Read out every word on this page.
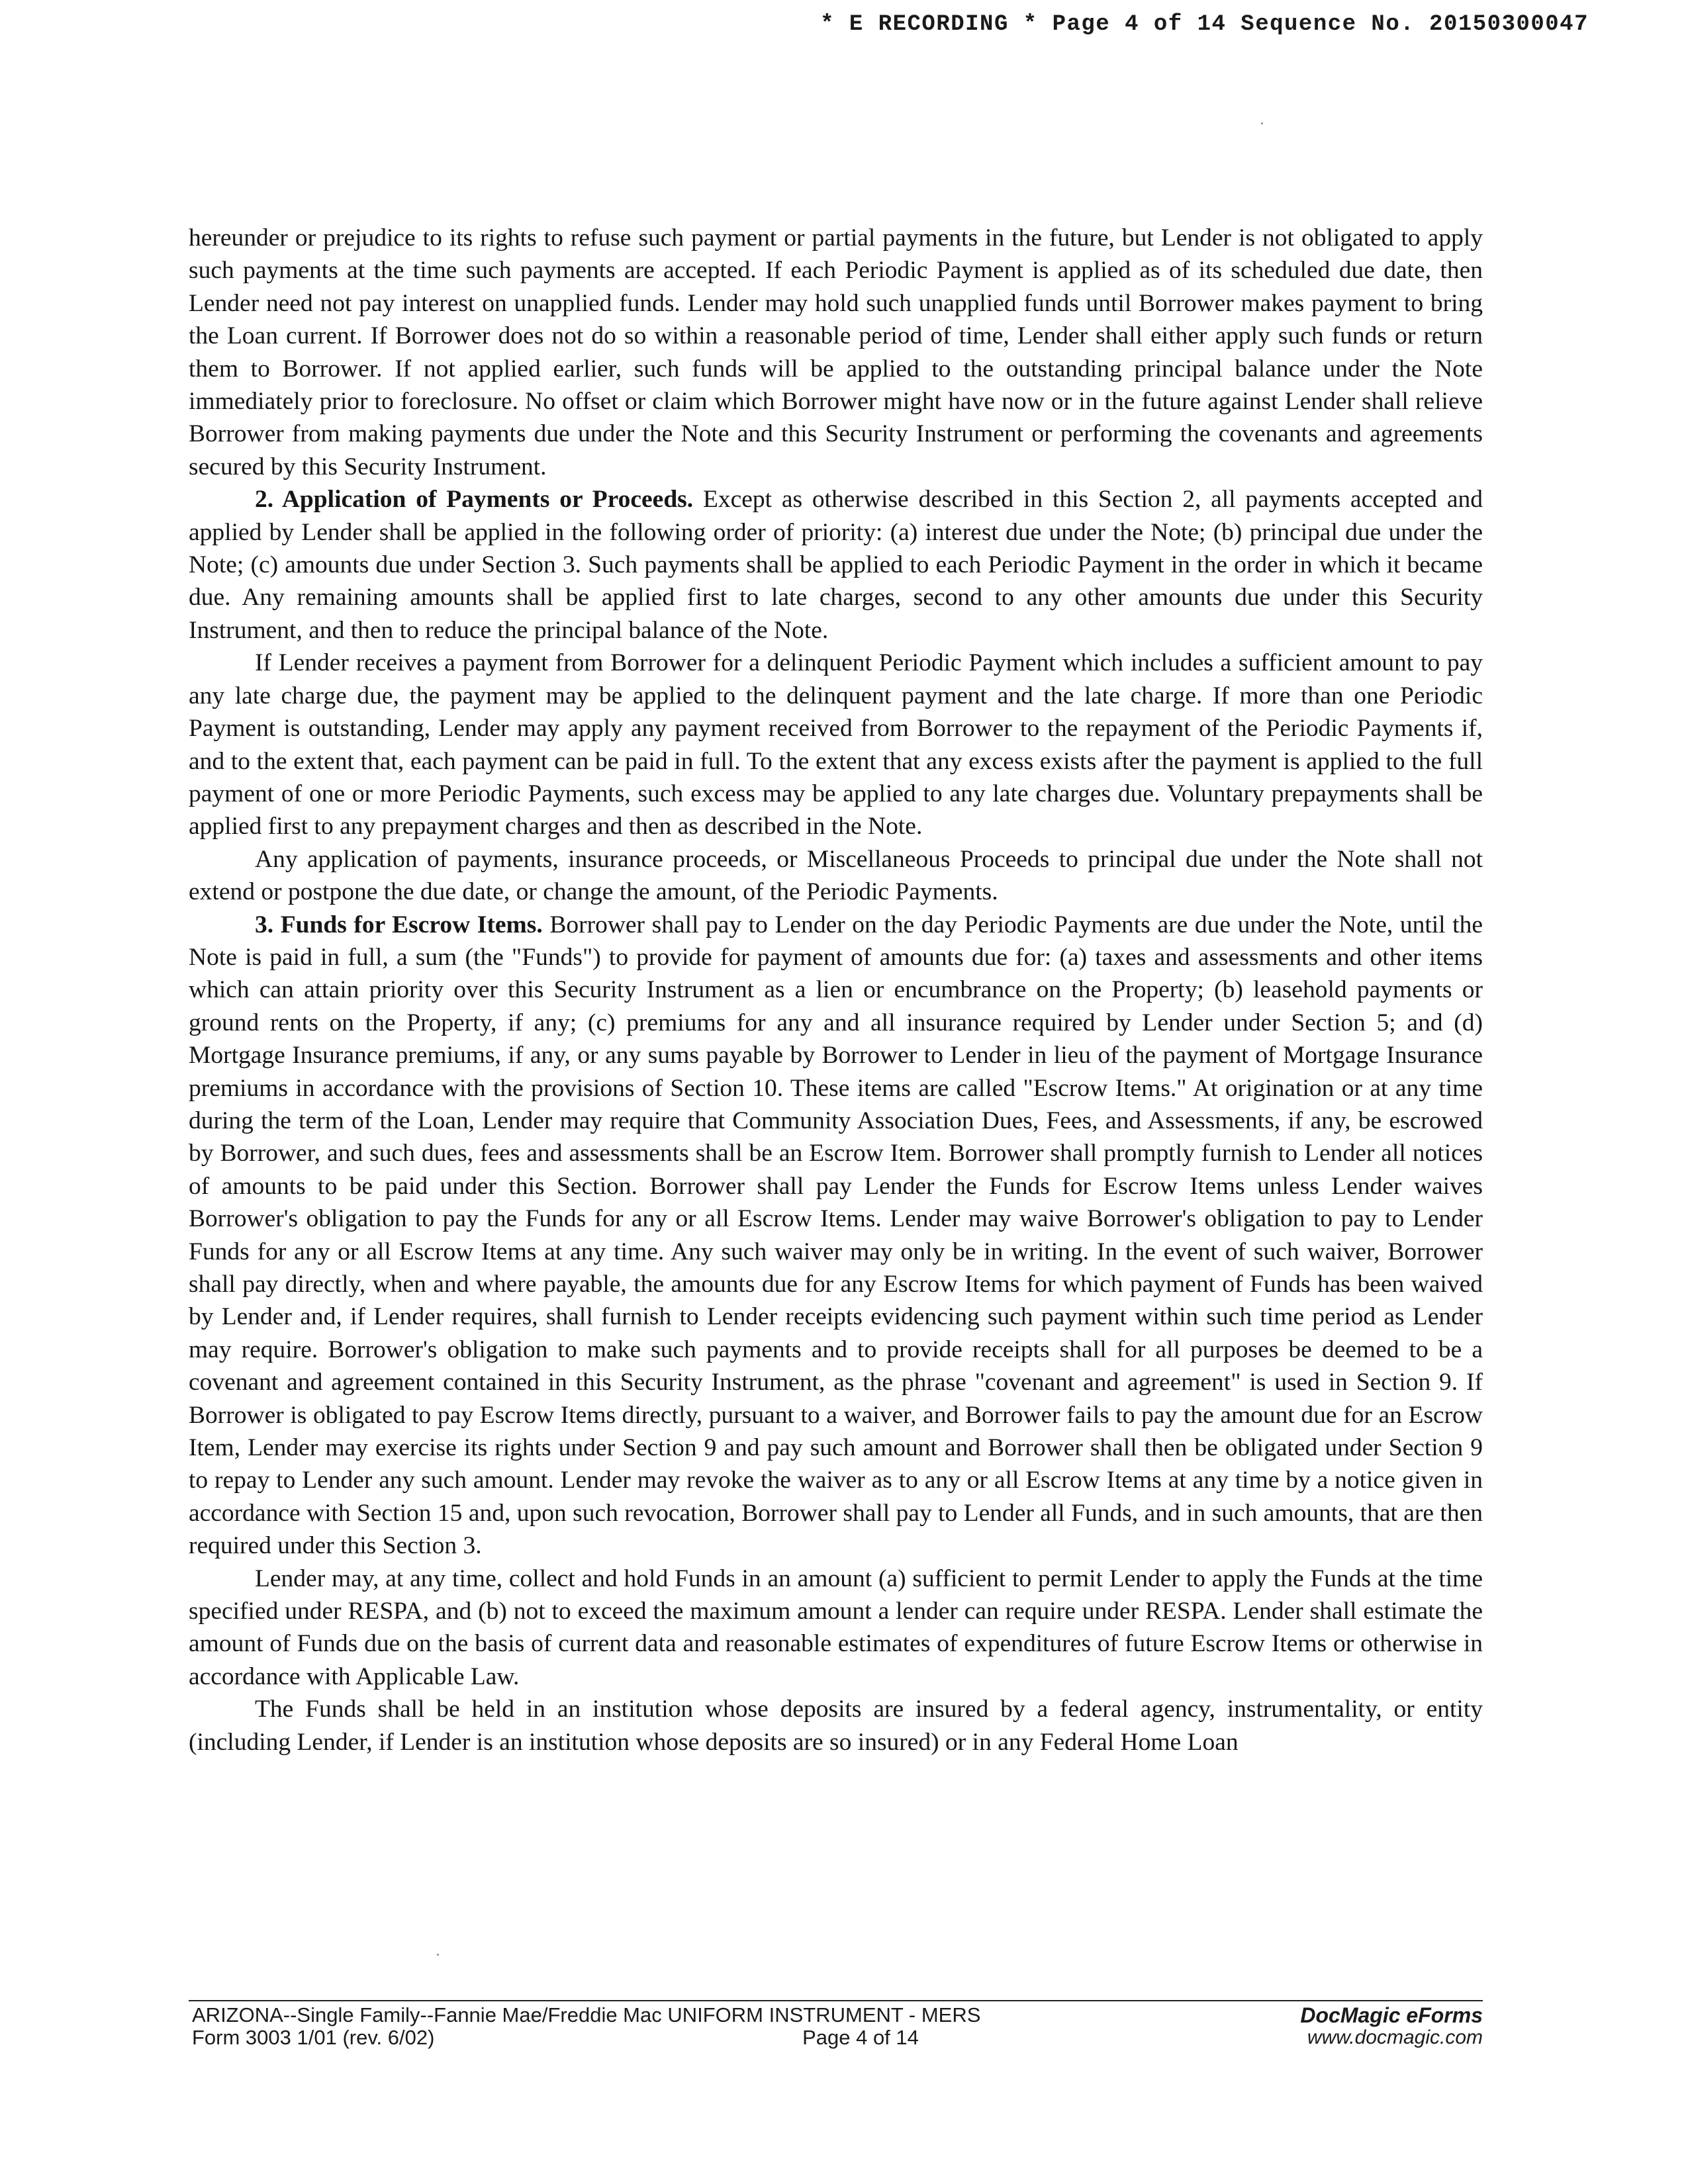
* E RECORDING * Page 4 of 14 Sequence No. 20150300047

hereunder or prejudice to its rights to refuse such payment or partial payments in the future, but Lender is not obligated to apply such payments at the time such payments are accepted. If each Periodic Payment is applied as of its scheduled due date, then Lender need not pay interest on unapplied funds. Lender may hold such unapplied funds until Borrower makes payment to bring the Loan current. If Borrower does not do so within a reasonable period of time, Lender shall either apply such funds or return them to Borrower. If not applied earlier, such funds will be applied to the outstanding principal balance under the Note immediately prior to foreclosure. No offset or claim which Borrower might have now or in the future against Lender shall relieve Borrower from making payments due under the Note and this Security Instrument or performing the covenants and agreements secured by this Security Instrument.

2. Application of Payments or Proceeds. Except as otherwise described in this Section 2, all payments accepted and applied by Lender shall be applied in the following order of priority: (a) interest due under the Note; (b) principal due under the Note; (c) amounts due under Section 3. Such payments shall be applied to each Periodic Payment in the order in which it became due. Any remaining amounts shall be applied first to late charges, second to any other amounts due under this Security Instrument, and then to reduce the principal balance of the Note.

If Lender receives a payment from Borrower for a delinquent Periodic Payment which includes a sufficient amount to pay any late charge due, the payment may be applied to the delinquent payment and the late charge. If more than one Periodic Payment is outstanding, Lender may apply any payment received from Borrower to the repayment of the Periodic Payments if, and to the extent that, each payment can be paid in full. To the extent that any excess exists after the payment is applied to the full payment of one or more Periodic Payments, such excess may be applied to any late charges due. Voluntary prepayments shall be applied first to any prepayment charges and then as described in the Note.

Any application of payments, insurance proceeds, or Miscellaneous Proceeds to principal due under the Note shall not extend or postpone the due date, or change the amount, of the Periodic Payments.

3. Funds for Escrow Items. Borrower shall pay to Lender on the day Periodic Payments are due under the Note, until the Note is paid in full, a sum (the "Funds") to provide for payment of amounts due for: (a) taxes and assessments and other items which can attain priority over this Security Instrument as a lien or encumbrance on the Property; (b) leasehold payments or ground rents on the Property, if any; (c) premiums for any and all insurance required by Lender under Section 5; and (d) Mortgage Insurance premiums, if any, or any sums payable by Borrower to Lender in lieu of the payment of Mortgage Insurance premiums in accordance with the provisions of Section 10. These items are called "Escrow Items." At origination or at any time during the term of the Loan, Lender may require that Community Association Dues, Fees, and Assessments, if any, be escrowed by Borrower, and such dues, fees and assessments shall be an Escrow Item. Borrower shall promptly furnish to Lender all notices of amounts to be paid under this Section. Borrower shall pay Lender the Funds for Escrow Items unless Lender waives Borrower's obligation to pay the Funds for any or all Escrow Items. Lender may waive Borrower's obligation to pay to Lender Funds for any or all Escrow Items at any time. Any such waiver may only be in writing. In the event of such waiver, Borrower shall pay directly, when and where payable, the amounts due for any Escrow Items for which payment of Funds has been waived by Lender and, if Lender requires, shall furnish to Lender receipts evidencing such payment within such time period as Lender may require. Borrower's obligation to make such payments and to provide receipts shall for all purposes be deemed to be a covenant and agreement contained in this Security Instrument, as the phrase "covenant and agreement" is used in Section 9. If Borrower is obligated to pay Escrow Items directly, pursuant to a waiver, and Borrower fails to pay the amount due for an Escrow Item, Lender may exercise its rights under Section 9 and pay such amount and Borrower shall then be obligated under Section 9 to repay to Lender any such amount. Lender may revoke the waiver as to any or all Escrow Items at any time by a notice given in accordance with Section 15 and, upon such revocation, Borrower shall pay to Lender all Funds, and in such amounts, that are then required under this Section 3.

Lender may, at any time, collect and hold Funds in an amount (a) sufficient to permit Lender to apply the Funds at the time specified under RESPA, and (b) not to exceed the maximum amount a lender can require under RESPA. Lender shall estimate the amount of Funds due on the basis of current data and reasonable estimates of expenditures of future Escrow Items or otherwise in accordance with Applicable Law.

The Funds shall be held in an institution whose deposits are insured by a federal agency, instrumentality, or entity (including Lender, if Lender is an institution whose deposits are so insured) or in any Federal Home Loan

ARIZONA--Single Family--Fannie Mae/Freddie Mac UNIFORM INSTRUMENT - MERS
Form 3003 1/01 (rev. 6/02)	Page 4 of 14
DocMagic eForms
www.docmagic.com
